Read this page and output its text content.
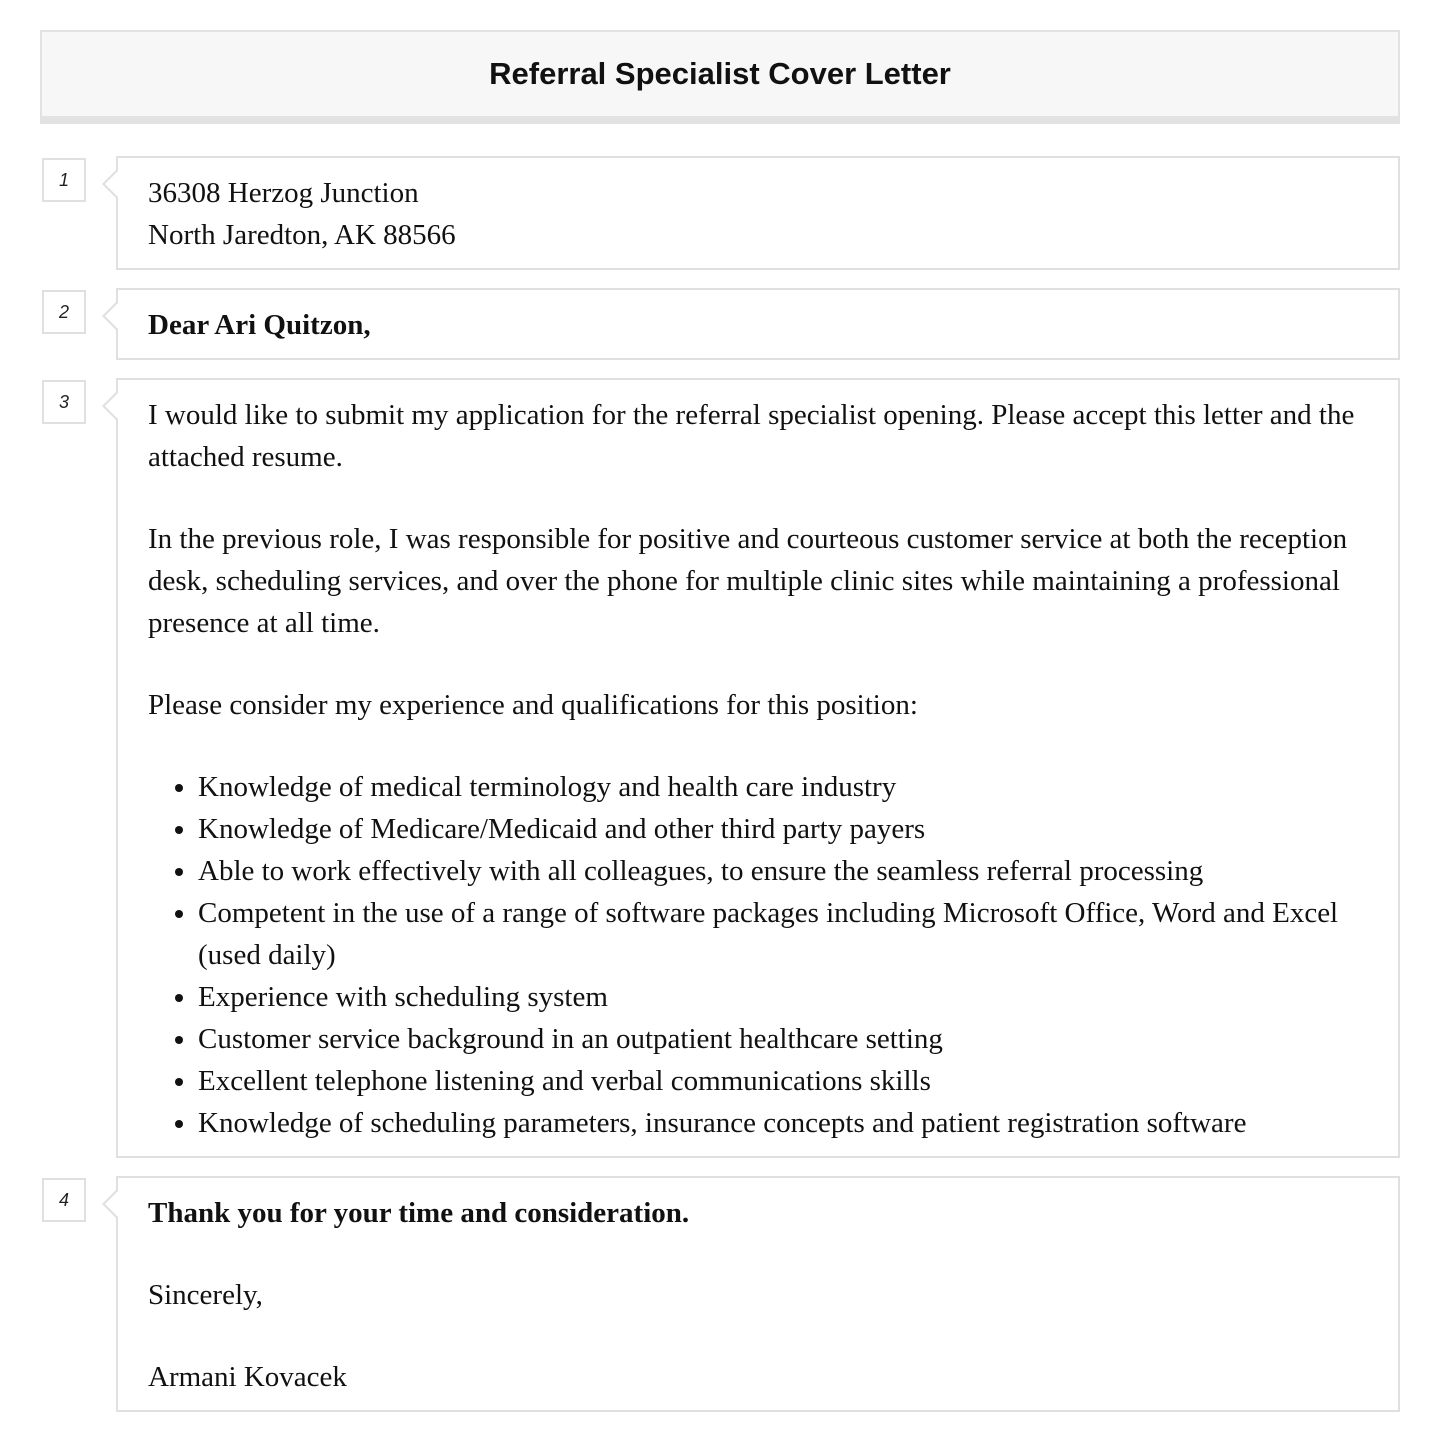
Referral Specialist Cover Letter
1	36308 Herzog Junction

North Jaredton, AK 88566

2	Dear Ari Quitzon,

3	I would like to submit my application for the referral specialist opening. Please accept this letter and the attached resume.

In the previous role, I was responsible for positive and courteous customer service at both the reception desk, scheduling services, and over the phone for multiple clinic sites while maintaining a professional presence at all time.

Please consider my experience and qualifications for this position:

• Knowledge of medical terminology and health care industry
• Knowledge of Medicare/Medicaid and other third party payers
• Able to work effectively with all colleagues, to ensure the seamless referral processing
• Competent in the use of a range of software packages including Microsoft Office, Word and Excel (used daily)
• Experience with scheduling system
• Customer service background in an outpatient healthcare setting
• Excellent telephone listening and verbal communications skills
• Knowledge of scheduling parameters, insurance concepts and patient registration software
4	Thank you for your time and consideration.

Sincerely,

Armani Kovacek
